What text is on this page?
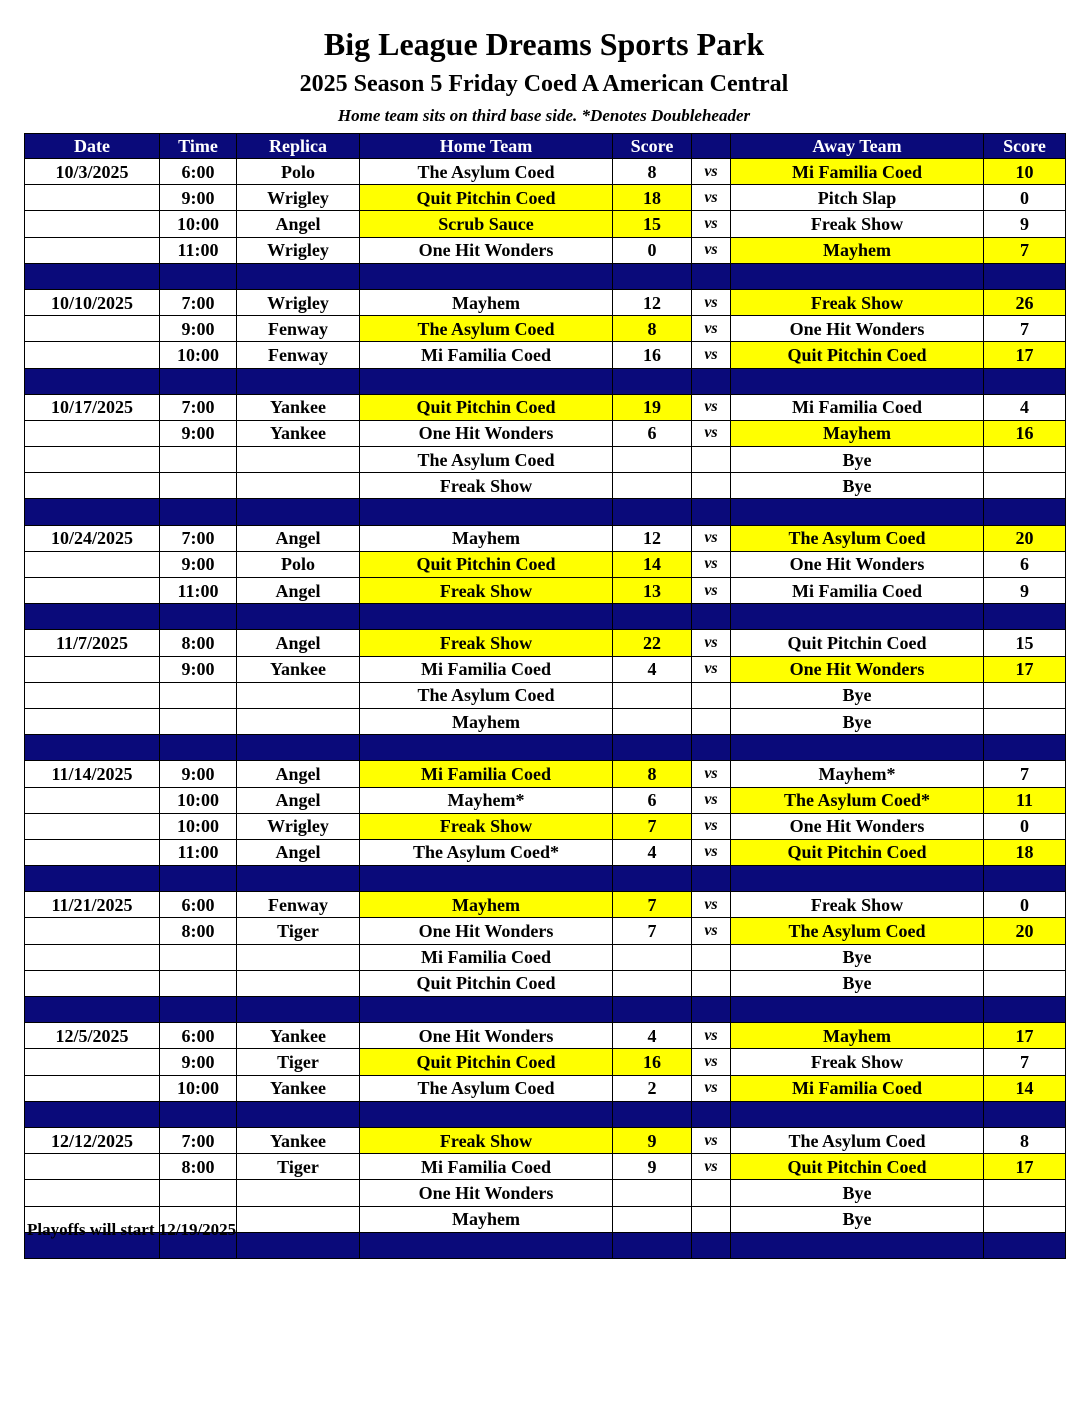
Big League Dreams Sports Park
2025 Season 5 Friday Coed A American Central
Home team sits on third base side. *Denotes Doubleheader
Date	Time	Replica	Home Team	Score		Away Team	Score
10/3/2025	6:00	Polo	The Asylum Coed	8	vs	Mi Familia Coed	10
	9:00	Wrigley	Quit Pitchin Coed	18	vs	Pitch Slap	0
	10:00	Angel	Scrub Sauce	15	vs	Freak Show	9
	11:00	Wrigley	One Hit Wonders	0	vs	Mayhem	7

10/10/2025	7:00	Wrigley	Mayhem	12	vs	Freak Show	26
	9:00	Fenway	The Asylum Coed	8	vs	One Hit Wonders	7
	10:00	Fenway	Mi Familia Coed	16	vs	Quit Pitchin Coed	17

10/17/2025	7:00	Yankee	Quit Pitchin Coed	19	vs	Mi Familia Coed	4
	9:00	Yankee	One Hit Wonders	6	vs	Mayhem	16
			The Asylum Coed			Bye	
			Freak Show			Bye	

10/24/2025	7:00	Angel	Mayhem	12	vs	The Asylum Coed	20
	9:00	Polo	Quit Pitchin Coed	14	vs	One Hit Wonders	6
	11:00	Angel	Freak Show	13	vs	Mi Familia Coed	9

11/7/2025	8:00	Angel	Freak Show	22	vs	Quit Pitchin Coed	15
	9:00	Yankee	Mi Familia Coed	4	vs	One Hit Wonders	17
			The Asylum Coed			Bye	
			Mayhem			Bye	

11/14/2025	9:00	Angel	Mi Familia Coed	8	vs	Mayhem*	7
	10:00	Angel	Mayhem*	6	vs	The Asylum Coed*	11
	10:00	Wrigley	Freak Show	7	vs	One Hit Wonders	0
	11:00	Angel	The Asylum Coed*	4	vs	Quit Pitchin Coed	18

11/21/2025	6:00	Fenway	Mayhem	7	vs	Freak Show	0
	8:00	Tiger	One Hit Wonders	7	vs	The Asylum Coed	20
			Mi Familia Coed			Bye	
			Quit Pitchin Coed			Bye	

12/5/2025	6:00	Yankee	One Hit Wonders	4	vs	Mayhem	17
	9:00	Tiger	Quit Pitchin Coed	16	vs	Freak Show	7
	10:00	Yankee	The Asylum Coed	2	vs	Mi Familia Coed	14

12/12/2025	7:00	Yankee	Freak Show	9	vs	The Asylum Coed	8
	8:00	Tiger	Mi Familia Coed	9	vs	Quit Pitchin Coed	17
			One Hit Wonders			Bye	
			Mayhem			Bye	

Playoffs will start 12/19/2025
